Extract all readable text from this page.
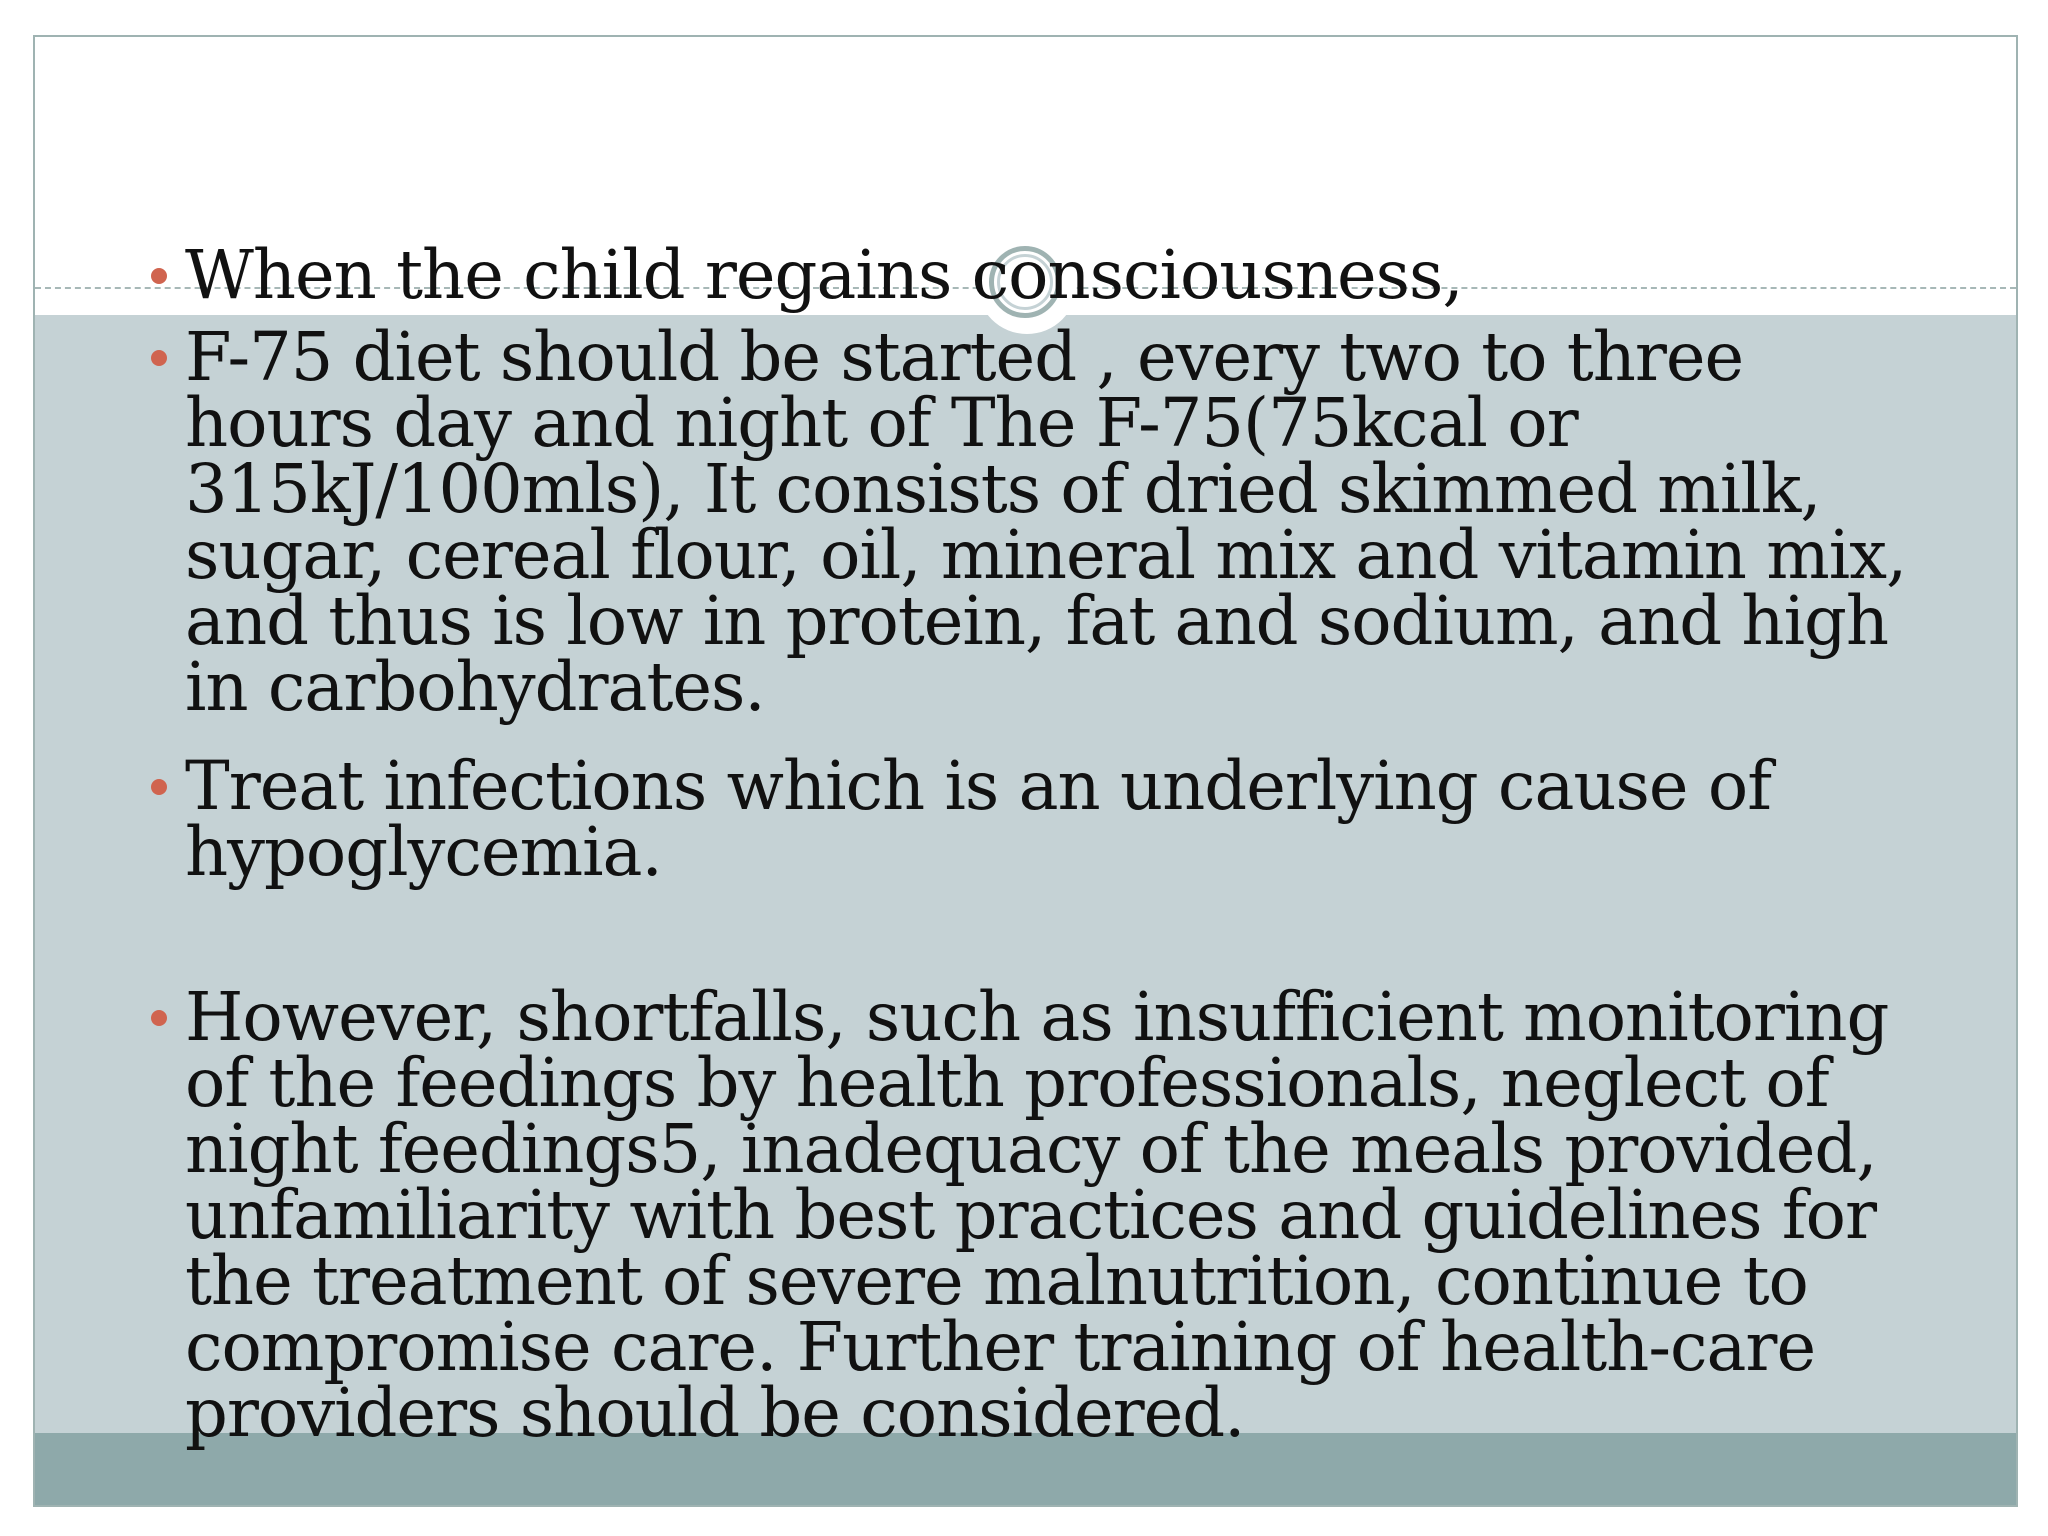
When the child regains consciousness,
F-75 diet should be started , every two to three hours day and night of The F-75(75kcal or 315kJ/100mls), It consists of dried skimmed milk, sugar, cereal flour, oil, mineral mix and vitamin mix, and thus is low in protein, fat and sodium, and high in carbohydrates.
Treat infections which is an underlying cause of hypoglycemia.
However, shortfalls, such as insufficient monitoring of the feedings by health professionals, neglect of night feedings5, inadequacy of the meals provided, unfamiliarity with best practices and guidelines for the treatment of severe malnutrition, continue to compromise care. Further training of health-care providers should be considered.
